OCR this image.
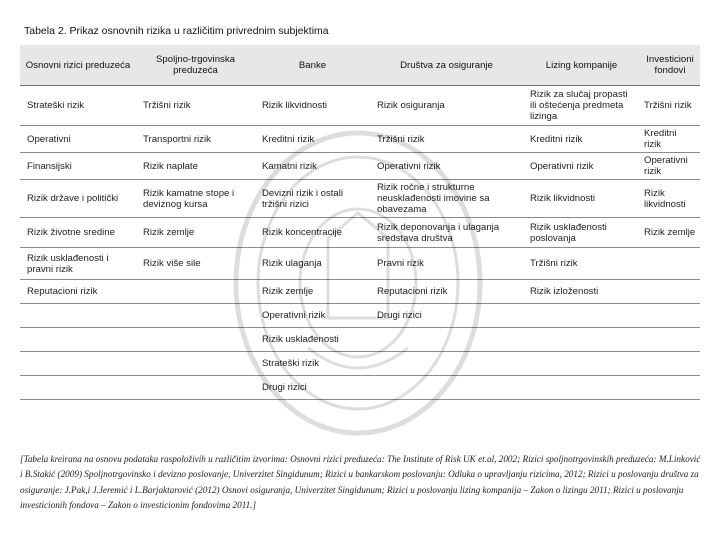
Tabela 2. Prikaz osnovnih rizika u različitim privrednim subjektima
Osnovni rizici preduzeća	Spoljno-trgovinska preduzeća	Banke	Društva za osiguranje	Lizing kompanije	Investicioni fondovi
Strateški rizik	Tržišni rizik	Rizik likvidnosti	Rizik osiguranja	Rizik za slučaj propasti ili oštećenja predmeta lizinga	Tržišni rizik
Operativni	Transportni rizik	Kreditni rizik	Tržišni rizik	Kreditni rizik	Kreditni rizik
Finansijski	Rizik naplate	Kamatni rizik	Operativni rizik	Operativni rizik	Operativni rizik
Rizik države i politički	Rizik kamatne stope i deviznog kursa	Devizni rizik i ostali tržišni rizici	Rizik ročne i strukturne neusklađenosti imovine sa obavezama	Rizik likvidnosti	Rizik likvidnosti
Rizik životne sredine	Rizik zemlje	Rizik koncentracije	Rizik deponovanja i ulaganja sredstava društva	Rizik usklađenosti poslovanja	Rizik zemlje
Rizik usklađenosti i pravni rizik	Rizik više sile	Rizik ulaganja	Pravni rizik	Tržišni rizik	
Reputacioni rizik		Rizik zemlje	Reputacioni rizik	Rizik izloženosti	
		Operativni rizik	Drugi rizici		
		Rizik usklađenosti			
		Strateški rizik			
		Drugi rizici			
[Tabela kreirana na osnovu podataka raspoloživih u različitim izvorima: Osnovni rizici preduzeća: The Institute of Risk UK et.al, 2002; Rizici spoljnotrgovinskih preduzeća: M.Linković i B.Stakić (2009) Spoljnotrgovinsko i devizno poslovanje, Univerzitet Singidunum; Rizici u bankarskom poslovanju: Odluka o upravljanju rizicima, 2012; Rizici u poslovanju društva za osiguranje: J.Pak,i J.Jeremić i L.Barjaktarović (2012) Osnovi osiguranja, Univerzitet Singidunum; Rizici u poslovanju lizing kompanija – Zakon o lizingu 2011; Rizici u poslovanju investicionih fondova – Zakon o investicionim fondovima 2011.]
